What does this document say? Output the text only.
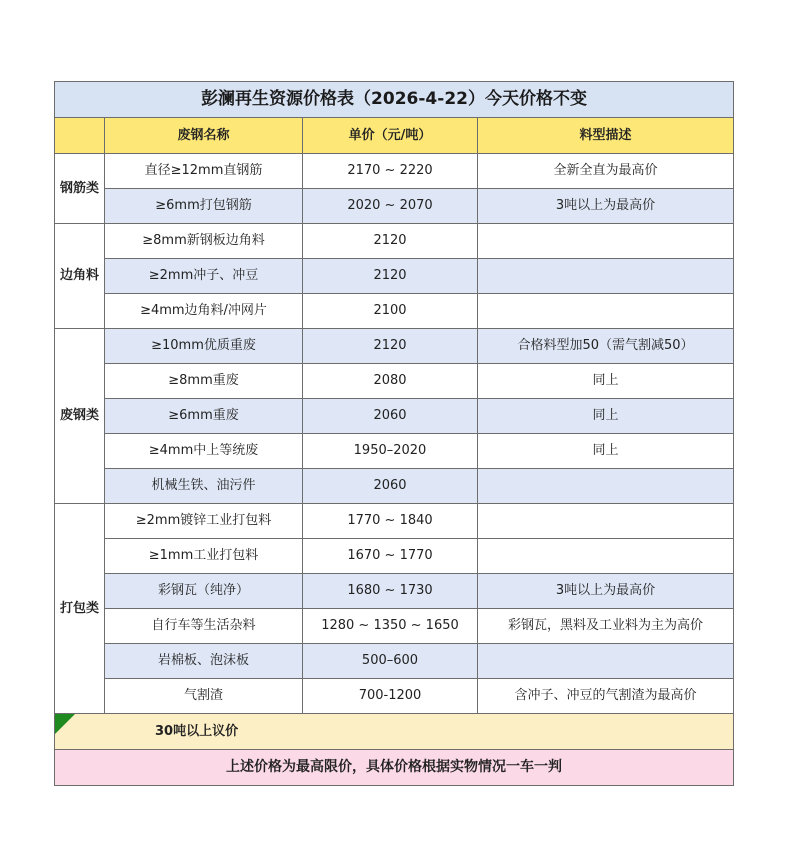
彭澜再生资源价格表（2026-4-22）今天价格不变			
	废钢名称	单价（元/吨）	料型描述
钢筋类	直径≥12mm直钢筋	2170 ~ 2220	全新全直为最高价
	≥6mm打包钢筋	2020 ~ 2070	3吨以上为最高价
边角料	≥8mm新钢板边角料	2120	
	≥2mm冲子、冲豆	2120	
	≥4mm边角料/冲网片	2100	
废钢类	≥10mm优质重废	2120	合格料型加50（需气割减50）
	≥8mm重废	2080	同上
	≥6mm重废	2060	同上
	≥4mm中上等统废	1950–2020	同上
	机械生铁、油污件	2060	
打包类	≥2mm镀锌工业打包料	1770 ~ 1840	
	≥1mm工业打包料	1670 ~ 1770	
	彩钢瓦（纯净）	1680 ~ 1730	3吨以上为最高价
	自行车等生活杂料	1280 ~ 1350 ~ 1650	彩钢瓦，黑料及工业料为主为高价
	岩棉板、泡沫板	500–600	
	气割渣	700-1200	含冲子、冲豆的气割渣为最高价

30吨以上议价			
上述价格为最高限价，具体价格根据实物情况一车一判			
